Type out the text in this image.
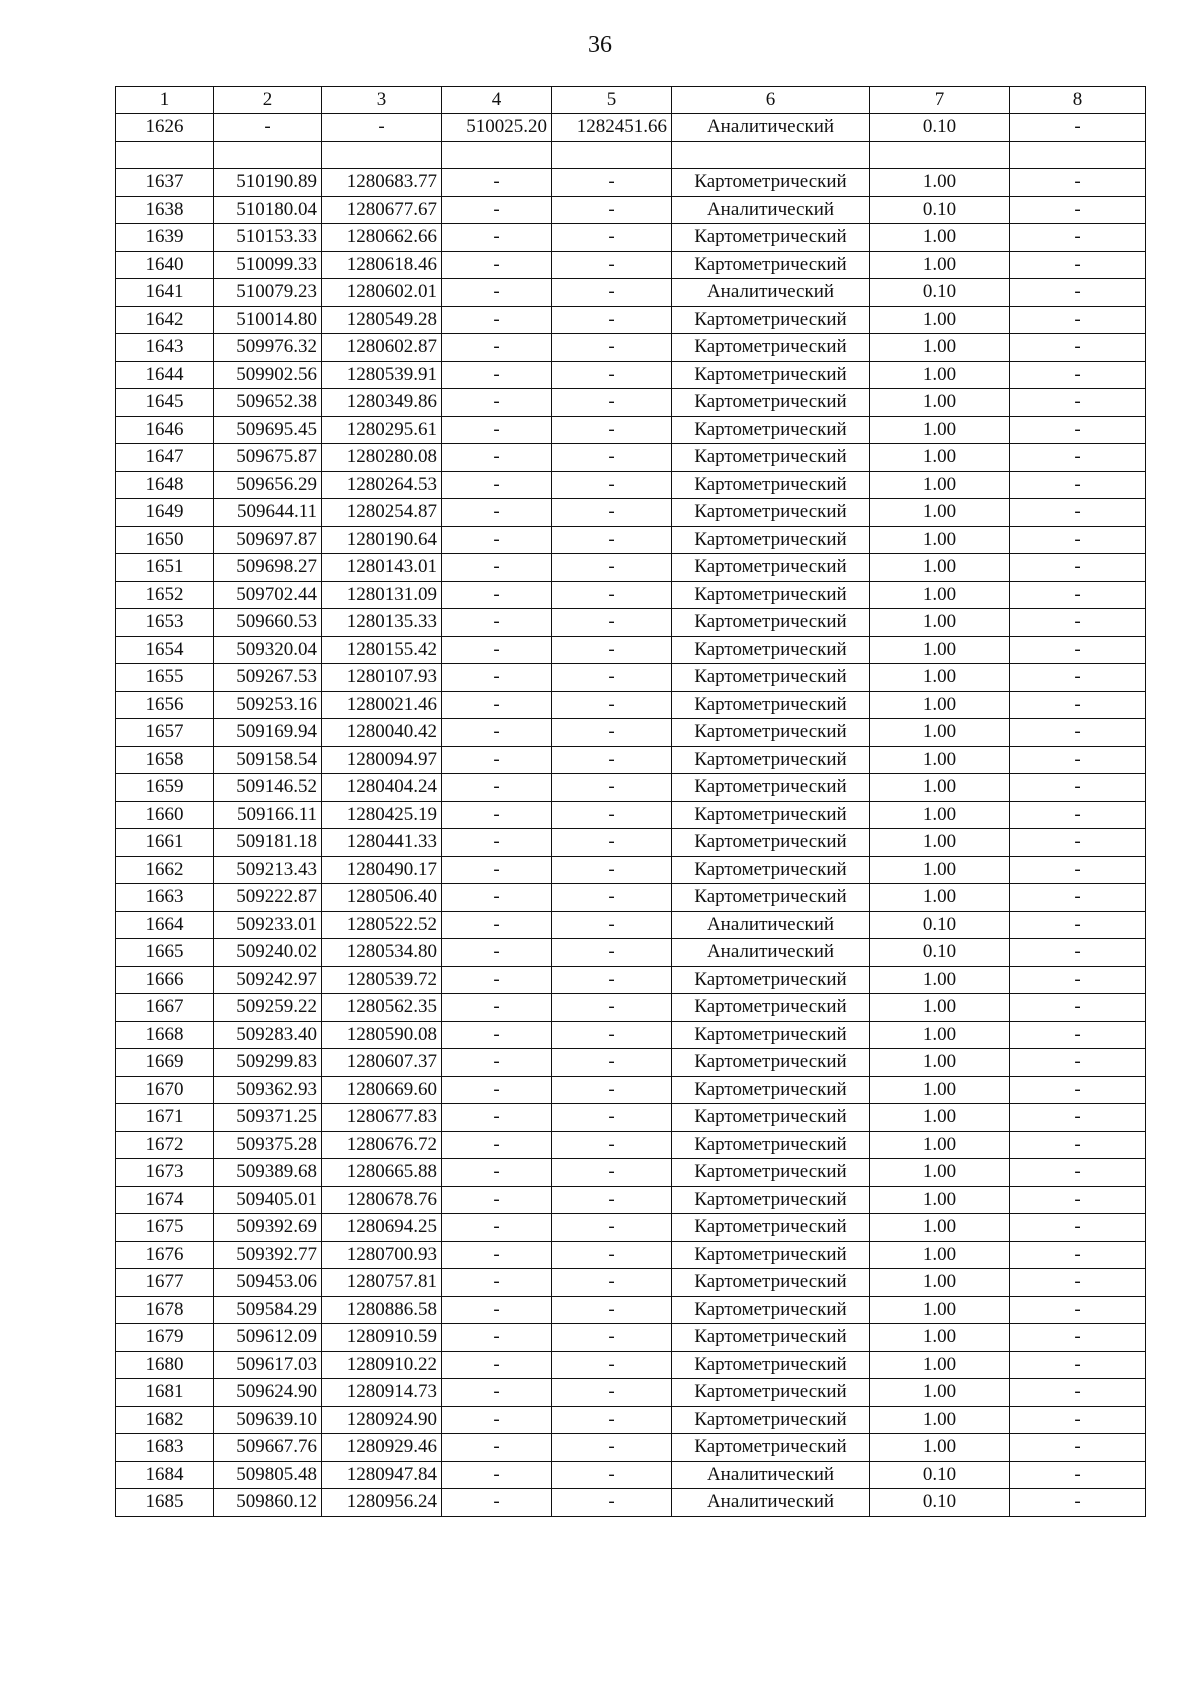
36
1	2	3	4	5	6	7	8
1626	-	-	510025.20	1282451.66	Аналитический	0.10	-

1637	510190.89	1280683.77	-	-	Картометрический	1.00	-
1638	510180.04	1280677.67	-	-	Аналитический	0.10	-
1639	510153.33	1280662.66	-	-	Картометрический	1.00	-
1640	510099.33	1280618.46	-	-	Картометрический	1.00	-
1641	510079.23	1280602.01	-	-	Аналитический	0.10	-
1642	510014.80	1280549.28	-	-	Картометрический	1.00	-
1643	509976.32	1280602.87	-	-	Картометрический	1.00	-
1644	509902.56	1280539.91	-	-	Картометрический	1.00	-
1645	509652.38	1280349.86	-	-	Картометрический	1.00	-
1646	509695.45	1280295.61	-	-	Картометрический	1.00	-
1647	509675.87	1280280.08	-	-	Картометрический	1.00	-
1648	509656.29	1280264.53	-	-	Картометрический	1.00	-
1649	509644.11	1280254.87	-	-	Картометрический	1.00	-
1650	509697.87	1280190.64	-	-	Картометрический	1.00	-
1651	509698.27	1280143.01	-	-	Картометрический	1.00	-
1652	509702.44	1280131.09	-	-	Картометрический	1.00	-
1653	509660.53	1280135.33	-	-	Картометрический	1.00	-
1654	509320.04	1280155.42	-	-	Картометрический	1.00	-
1655	509267.53	1280107.93	-	-	Картометрический	1.00	-
1656	509253.16	1280021.46	-	-	Картометрический	1.00	-
1657	509169.94	1280040.42	-	-	Картометрический	1.00	-
1658	509158.54	1280094.97	-	-	Картометрический	1.00	-
1659	509146.52	1280404.24	-	-	Картометрический	1.00	-
1660	509166.11	1280425.19	-	-	Картометрический	1.00	-
1661	509181.18	1280441.33	-	-	Картометрический	1.00	-
1662	509213.43	1280490.17	-	-	Картометрический	1.00	-
1663	509222.87	1280506.40	-	-	Картометрический	1.00	-
1664	509233.01	1280522.52	-	-	Аналитический	0.10	-
1665	509240.02	1280534.80	-	-	Аналитический	0.10	-
1666	509242.97	1280539.72	-	-	Картометрический	1.00	-
1667	509259.22	1280562.35	-	-	Картометрический	1.00	-
1668	509283.40	1280590.08	-	-	Картометрический	1.00	-
1669	509299.83	1280607.37	-	-	Картометрический	1.00	-
1670	509362.93	1280669.60	-	-	Картометрический	1.00	-
1671	509371.25	1280677.83	-	-	Картометрический	1.00	-
1672	509375.28	1280676.72	-	-	Картометрический	1.00	-
1673	509389.68	1280665.88	-	-	Картометрический	1.00	-
1674	509405.01	1280678.76	-	-	Картометрический	1.00	-
1675	509392.69	1280694.25	-	-	Картометрический	1.00	-
1676	509392.77	1280700.93	-	-	Картометрический	1.00	-
1677	509453.06	1280757.81	-	-	Картометрический	1.00	-
1678	509584.29	1280886.58	-	-	Картометрический	1.00	-
1679	509612.09	1280910.59	-	-	Картометрический	1.00	-
1680	509617.03	1280910.22	-	-	Картометрический	1.00	-
1681	509624.90	1280914.73	-	-	Картометрический	1.00	-
1682	509639.10	1280924.90	-	-	Картометрический	1.00	-
1683	509667.76	1280929.46	-	-	Картометрический	1.00	-
1684	509805.48	1280947.84	-	-	Аналитический	0.10	-
1685	509860.12	1280956.24	-	-	Аналитический	0.10	-
